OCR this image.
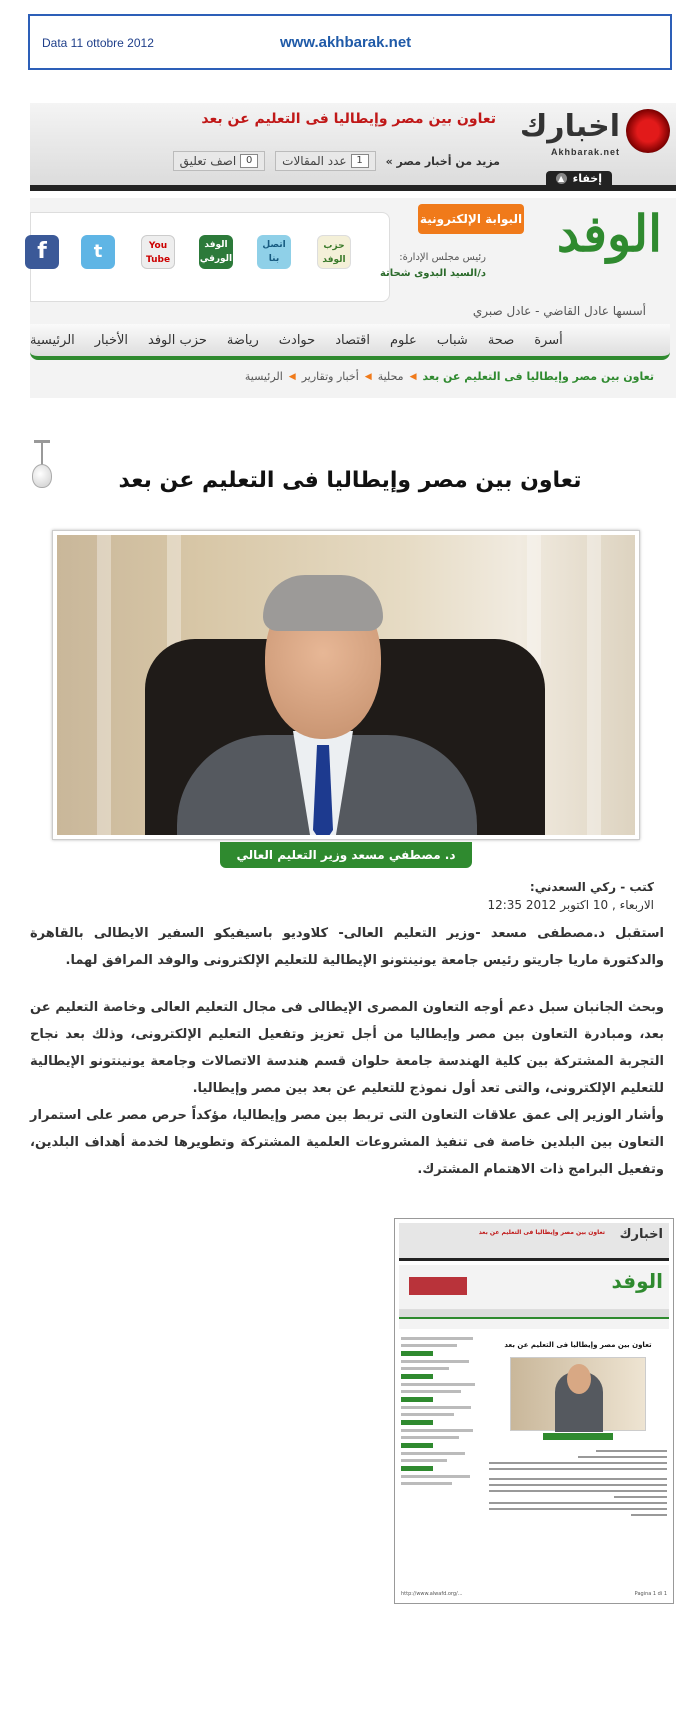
Data 11 ottobre 2012	www.akhbarak.net
اخبارك
Akhbarak.net
تعاون بين مصر وإيطاليا فى التعليم عن بعد
اصف تعليق 0	عدد المقالات 1	مزيد من أخبار مصر »
إخفاء
▲
f	t	You Tube
الوفد الورقي
اتصل بنا
حزب الوفد
البوابة الإلكترونية الوفد
رئيس مجلس الإدارة:
د/السيد البدوى شحاتة
أسسها عادل القاضي - عادل صبري
الرئيسية الأخبار حزب الوفد رياضة حوادث اقتصاد علوم شباب صحة أسرة
الرئيسية ◀ أخبار وتقارير ◀ محلية ◀ تعاون بين مصر وإيطاليا فى التعليم عن بعد
تعاون بين مصر وإيطاليا فى التعليم عن بعد
د. مصطفي مسعد وزير التعليم العالي
كتب - ركي السعدني:
الاربعاء , 10 اكتوبر 2012 12:35

استقبل د.مصطفى مسعد -وزير التعليم العالى- كلاوديو باسيفيكو السفير الايطالى بالقاهرة والدكتورة ماريا جاريتو رئيس جامعة يونينتونو الإيطالية للتعليم الإلكترونى والوفد المرافق لهما.

وبحث الجانبان سبل دعم أوجه التعاون المصرى الإيطالى فى مجال التعليم العالى وخاصة التعليم عن بعد، ومبادرة التعاون بين مصر وإيطاليا من أجل تعزيز وتفعيل التعليم الإلكترونى، وذلك بعد نجاح التجربة المشتركة بين كلية الهندسة جامعة حلوان قسم هندسة الاتصالات وجامعة يونينتونو الإيطالية للتعليم الإلكترونى، والتى تعد أول نموذج للتعليم عن بعد بين مصر وإيطاليا.

وأشار الوزير إلى عمق علاقات التعاون التى تربط بين مصر وإيطاليا، مؤكداً حرص مصر على استمرار التعاون بين البلدين خاصة فى تنفيذ المشروعات العلمية المشتركة وتطويرها لخدمة أهداف البلدين، وتفعيل البرامج ذات الاهتمام المشترك.

تعاون بين مصر وإيطاليا فى التعليم عن بعد اخبارك
الوفد
تعاون بين مصر وإيطاليا فى التعليم عن بعد
http://www.alwafd.org/...	Pagina 1 di 1
